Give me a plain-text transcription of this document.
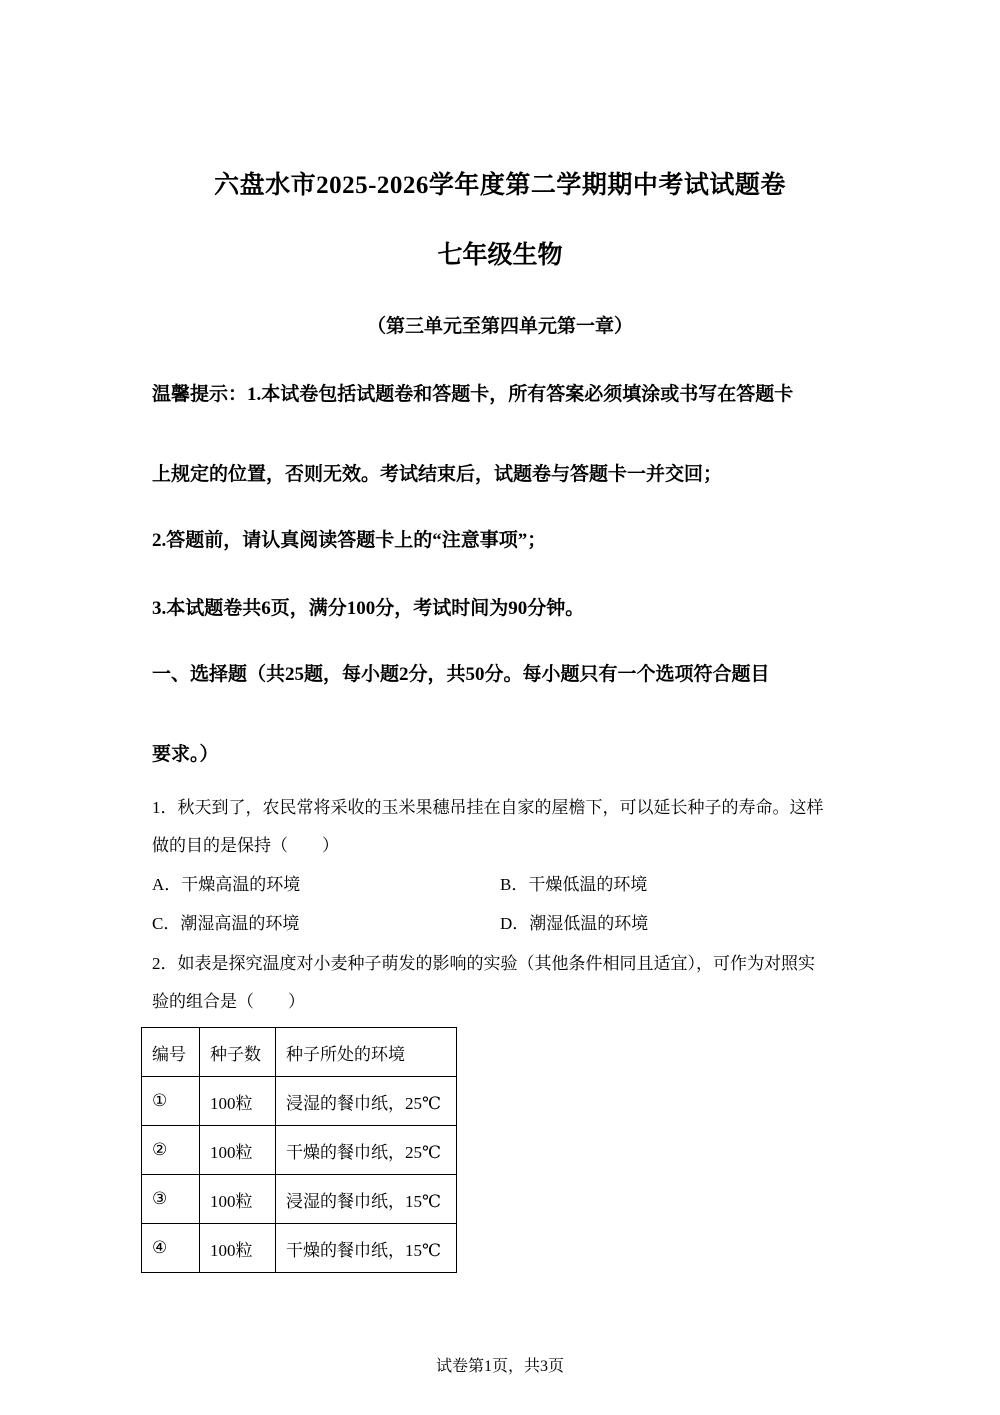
六盘水市2025-2026学年度第二学期期中考试试题卷
七年级生物
（第三单元至第四单元第一章）
温馨提示：1.本试卷包括试题卷和答题卡，所有答案必须填涂或书写在答题卡
上规定的位置，否则无效。考试结束后，试题卷与答题卡一并交回；
2.答题前，请认真阅读答题卡上的“注意事项”；
3.本试题卷共6页，满分100分，考试时间为90分钟。
一、选择题（共25题，每小题2分，共50分。每小题只有一个选项符合题目
要求。）
1．秋天到了，农民常将采收的玉米果穗吊挂在自家的屋檐下，可以延长种子的寿命。这样
做的目的是保持（　　）
A．干燥高温的环境	B．干燥低温的环境
C．潮湿高温的环境	D．潮湿低温的环境
2．如表是探究温度对小麦种子萌发的影响的实验（其他条件相同且适宜），可作为对照实
验的组合是（　　）
编号	种子数	种子所处的环境
①	100粒	浸湿的餐巾纸，25℃
②	100粒	干燥的餐巾纸，25℃
③	100粒	浸湿的餐巾纸，15℃
④	100粒	干燥的餐巾纸，15℃
试卷第1页，共3页
